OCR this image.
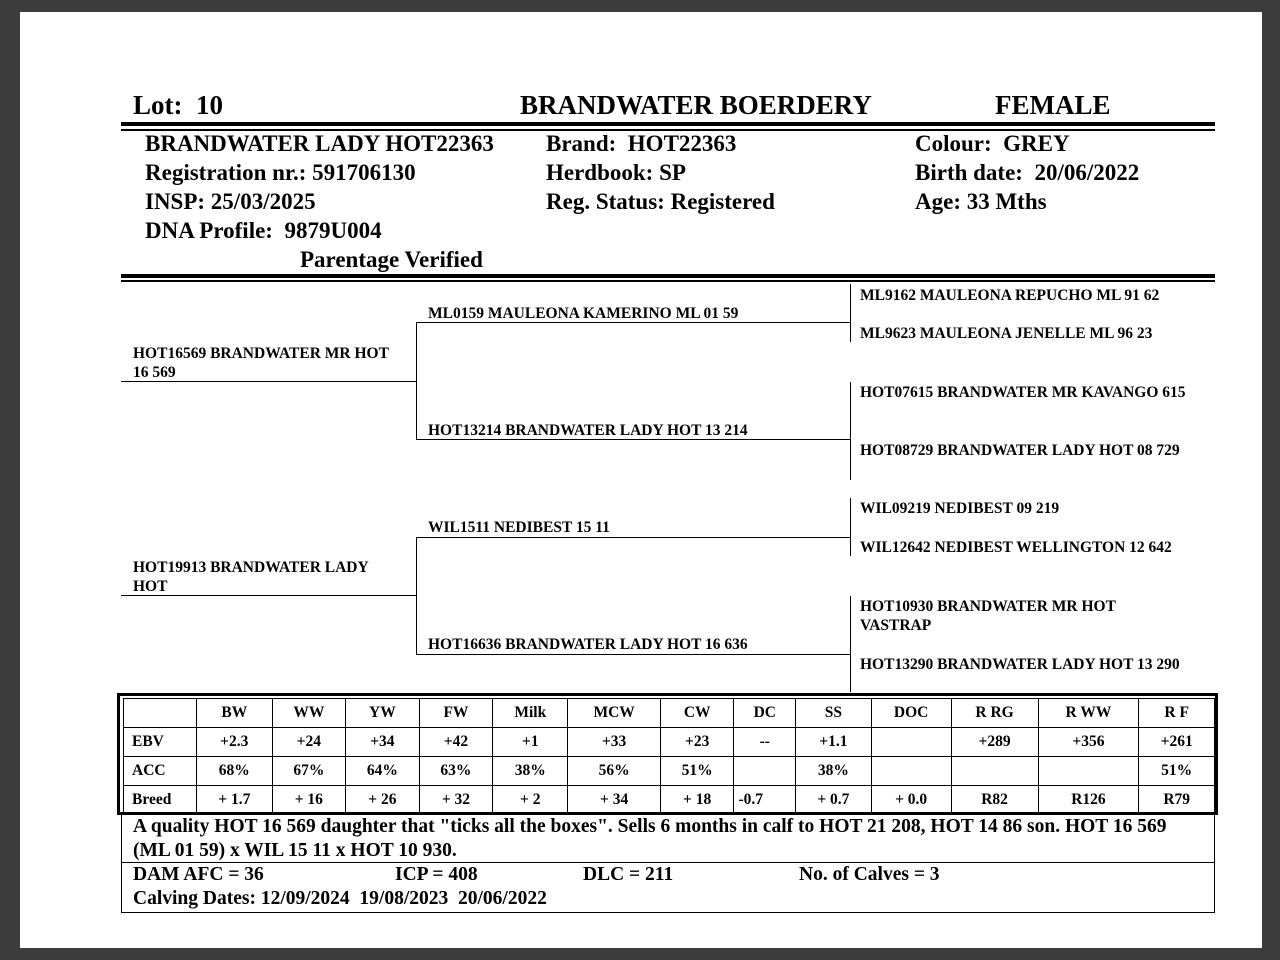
Lot: 10	BRANDWATER BOERDERY	FEMALE
BRANDWATER LADY HOT22363
Registration nr.: 591706130
INSP: 25/03/2025
DNA Profile: 9879U004
Parentage Verified
Brand: HOT22363
Herdbook: SP
Reg. Status: Registered
Colour: GREY
Birth date: 20/06/2022
Age: 33 Mths
HOT16569 BRANDWATER MR HOT 16 569
HOT19913 BRANDWATER LADY HOT
ML0159 MAULEONA KAMERINO ML 01 59
HOT13214 BRANDWATER LADY HOT 13 214
WIL1511 NEDIBEST 15 11
HOT16636 BRANDWATER LADY HOT 16 636
ML9162 MAULEONA REPUCHO ML 91 62
ML9623 MAULEONA JENELLE ML 96 23
HOT07615 BRANDWATER MR KAVANGO 615
HOT08729 BRANDWATER LADY HOT 08 729
WIL09219 NEDIBEST 09 219
WIL12642 NEDIBEST WELLINGTON 12 642
HOT10930 BRANDWATER MR HOT VASTRAP
HOT13290 BRANDWATER LADY HOT 13 290
	BW	WW	YW	FW	Milk	MCW	CW	DC	SS	DOC	R RG	R WW	R F
EBV	+2.3	+24	+34	+42	+1	+33	+23	--	+1.1		+289	+356	+261
ACC	68%	67%	64%	63%	38%	56%	51%		38%				51%
Breed	+ 1.7	+ 16	+ 26	+ 32	+ 2	+ 34	+ 18	-0.7	+ 0.7	+ 0.0	R82	R126	R79
A quality HOT 16 569 daughter that "ticks all the boxes". Sells 6 months in calf to HOT 21 208, HOT 14 86 son. HOT 16 569 (ML 01 59) x WIL 15 11 x HOT 10 930.
DAM AFC = 36	ICP = 408	DLC = 211	No. of Calves = 3
Calving Dates: 12/09/2024  19/08/2023  20/06/2022
